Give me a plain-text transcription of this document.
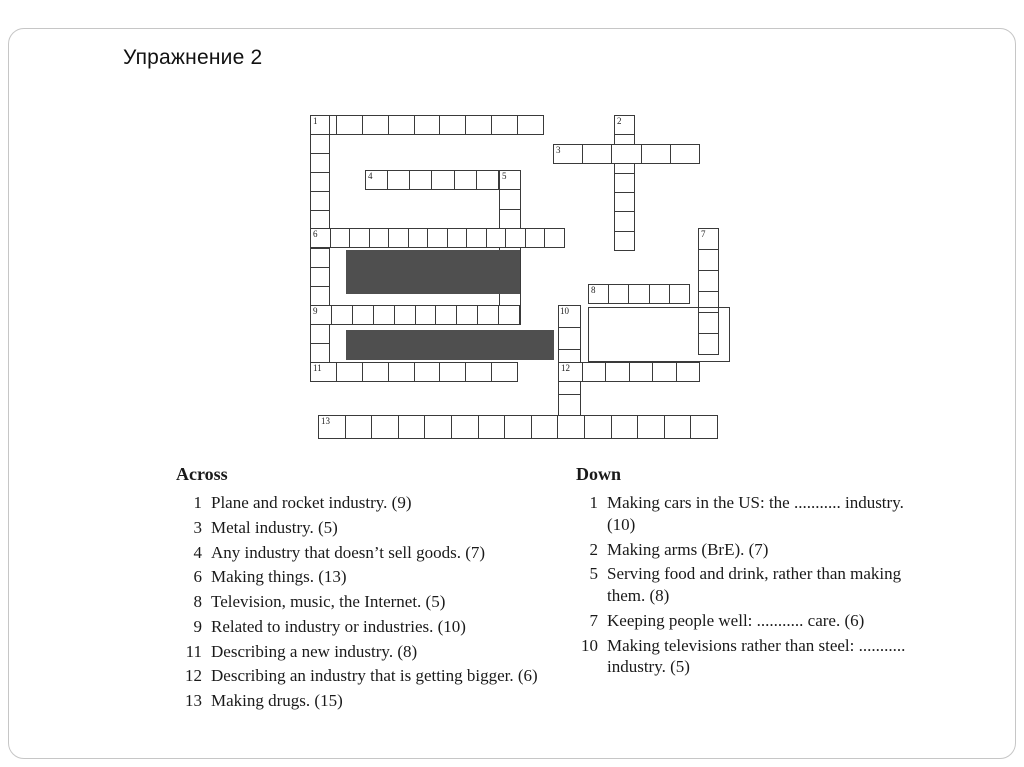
Упражнение 2
1	2
3
4	5
6	7
8
9	10
11	12
13
Across
1 Plane and rocket industry. (9)
3 Metal industry. (5)
4 Any industry that doesn’t sell goods. (7)
6 Making things. (13)
8 Television, music, the Internet. (5)
9 Related to industry or industries. (10)
11 Describing a new industry. (8)
12 Describing an industry that is getting bigger. (6)
13 Making drugs. (15)
Down
1 Making cars in the US: the ........... industry. (10)
2 Making arms (BrE). (7)
5 Serving food and drink, rather than making them. (8)
7 Keeping people well: ........... care. (6)
10 Making televisions rather than steel: ........... industry. (5)
